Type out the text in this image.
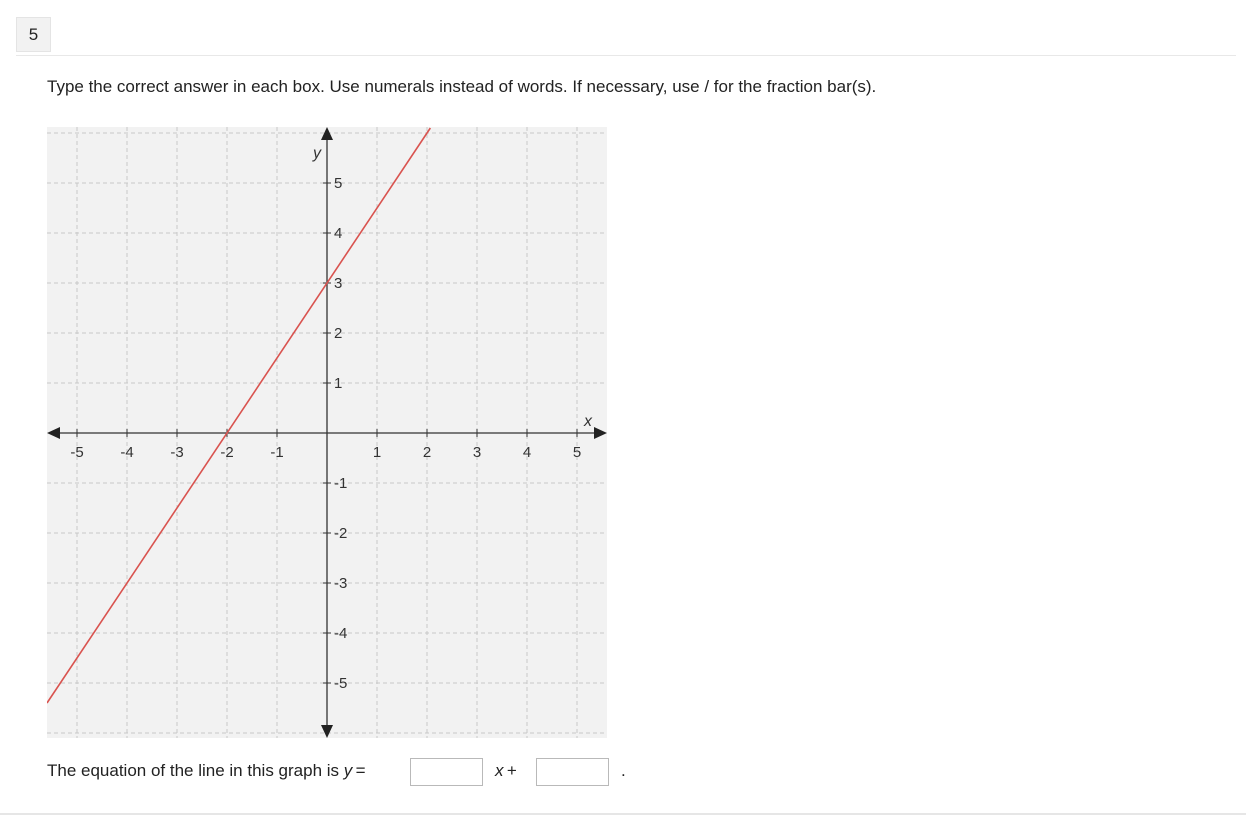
5
Type the correct answer in each box. Use numerals instead of words. If necessary, use / for the fraction bar(s).
-5 -4 -3 -2 -1	1	2	3	4	5
-5
-4
-3
-2
-1
1
2
3
4
5
x
y
The equation of the line in this graph is y  =	x  +	.
